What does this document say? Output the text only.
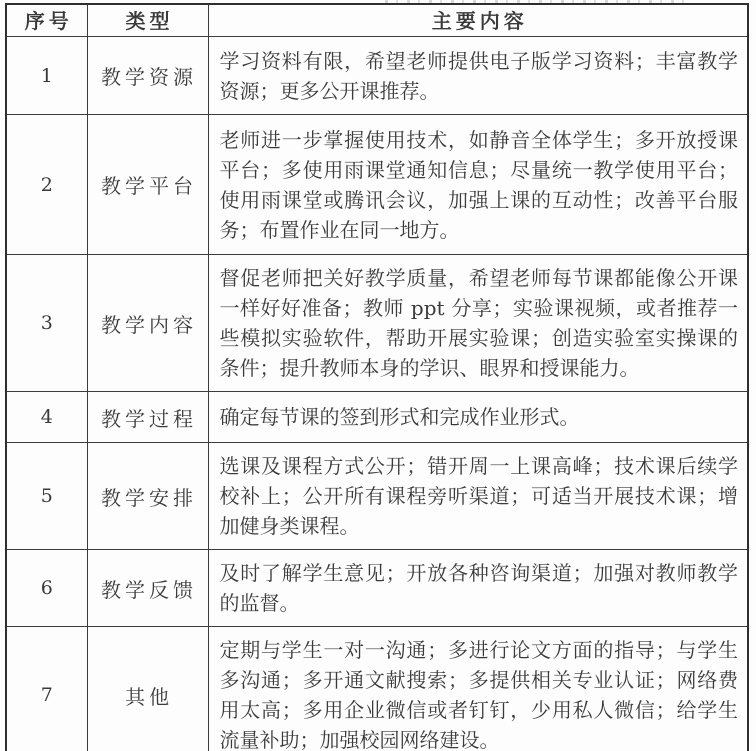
序号	类型	主要内容
1	教学资源	学习资料有限，希望老师提供电子版学习资料；丰富教学资源；更多公开课推荐。
2	教学平台	老师进一步掌握使用技术，如静音全体学生；多开放授课平台；多使用雨课堂通知信息；尽量统一教学使用平台；使用雨课堂或腾讯会议，加强上课的互动性；改善平台服务；布置作业在同一地方。
3	教学内容	督促老师把关好教学质量，希望老师每节课都能像公开课一样好好准备；教师 ppt 分享；实验课视频，或者推荐一些模拟实验软件，帮助开展实验课；创造实验室实操课的条件；提升教师本身的学识、眼界和授课能力。
4	教学过程	确定每节课的签到形式和完成作业形式。
5	教学安排	选课及课程方式公开；错开周一上课高峰；技术课后续学校补上；公开所有课程旁听渠道；可适当开展技术课；增加健身类课程。
6	教学反馈	及时了解学生意见；开放各种咨询渠道；加强对教师教学的监督。
7	其他	定期与学生一对一沟通；多进行论文方面的指导；与学生多沟通；多开通文献搜索；多提供相关专业认证；网络费用太高；多用企业微信或者钉钉，少用私人微信；给学生流量补助；加强校园网络建设。
